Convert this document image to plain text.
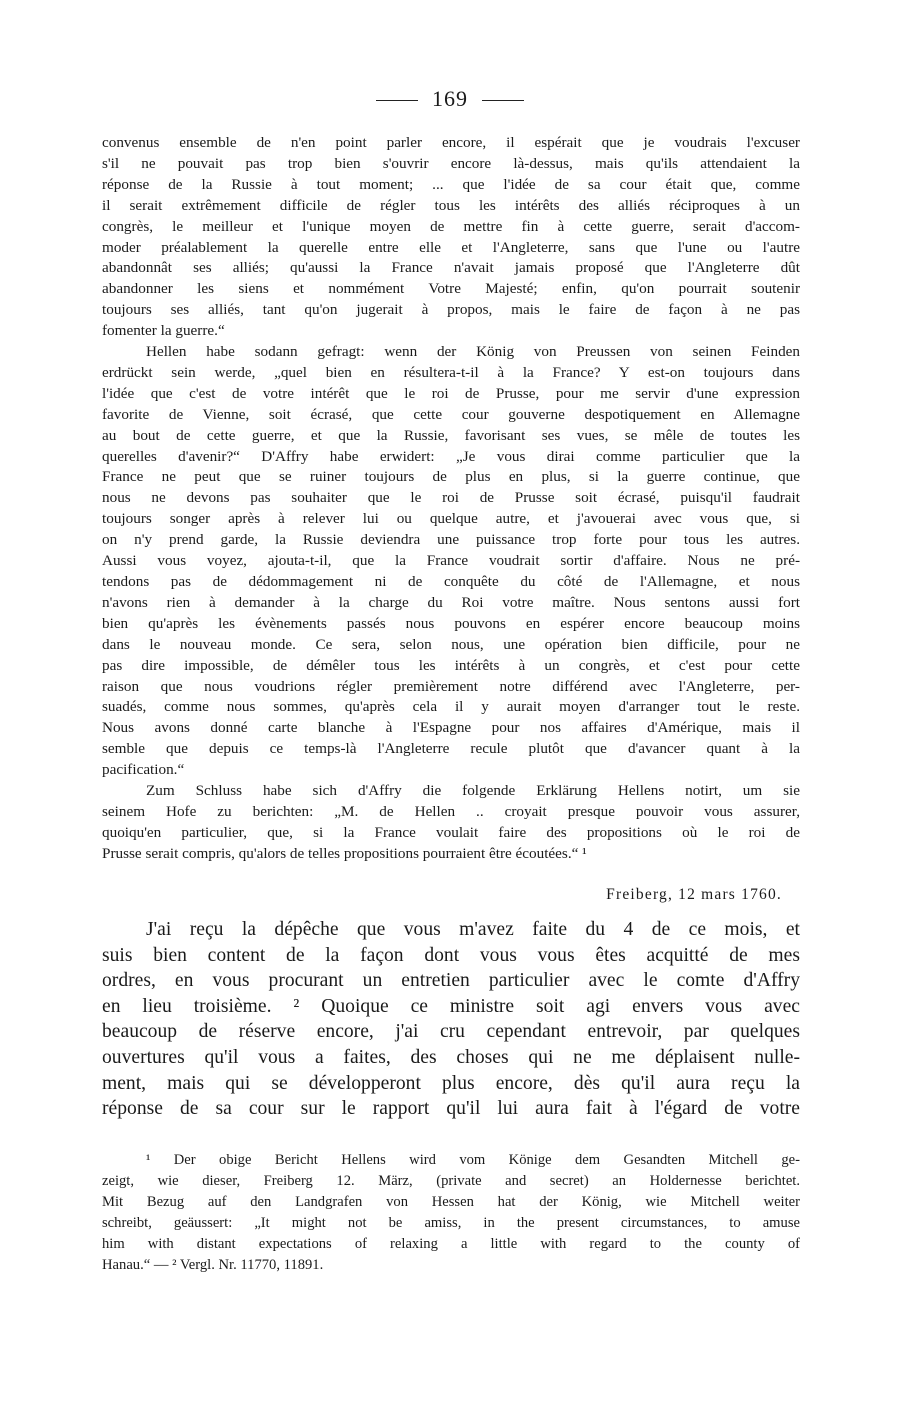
169
convenus ensemble de n'en point parler encore, il espérait que je voudrais l'excuser
s'il ne pouvait pas trop bien s'ouvrir encore là-dessus, mais qu'ils attendaient la
réponse de la Russie à tout moment; ... que l'idée de sa cour était que, comme
il serait extrêmement difficile de régler tous les intérêts des alliés réciproques à un
congrès, le meilleur et l'unique moyen de mettre fin à cette guerre, serait d'accom-
moder préalablement la querelle entre elle et l'Angleterre, sans que l'une ou l'autre
abandonnât ses alliés; qu'aussi la France n'avait jamais proposé que l'Angleterre dût
abandonner les siens et nommément Votre Majesté; enfin, qu'on pourrait soutenir
toujours ses alliés, tant qu'on jugerait à propos, mais le faire de façon à ne pas
fomenter la guerre.“
Hellen habe sodann gefragt: wenn der König von Preussen von seinen Feinden
erdrückt sein werde, „quel bien en résultera-t-il à la France? Y est-on toujours dans
l'idée que c'est de votre intérêt que le roi de Prusse, pour me servir d'une expression
favorite de Vienne, soit écrasé, que cette cour gouverne despotiquement en Allemagne
au bout de cette guerre, et que la Russie, favorisant ses vues, se mêle de toutes les
querelles d'avenir?“ D'Affry habe erwidert: „Je vous dirai comme particulier que la
France ne peut que se ruiner toujours de plus en plus, si la guerre continue, que
nous ne devons pas souhaiter que le roi de Prusse soit écrasé, puisqu'il faudrait
toujours songer après à relever lui ou quelque autre, et j'avouerai avec vous que, si
on n'y prend garde, la Russie deviendra une puissance trop forte pour tous les autres.
Aussi vous voyez, ajouta-t-il, que la France voudrait sortir d'affaire. Nous ne pré-
tendons pas de dédommagement ni de conquête du côté de l'Allemagne, et nous
n'avons rien à demander à la charge du Roi votre maître. Nous sentons aussi fort
bien qu'après les évènements passés nous pouvons en espérer encore beaucoup moins
dans le nouveau monde. Ce sera, selon nous, une opération bien difficile, pour ne
pas dire impossible, de démêler tous les intérêts à un congrès, et c'est pour cette
raison que nous voudrions régler premièrement notre différend avec l'Angleterre, per-
suadés, comme nous sommes, qu'après cela il y aurait moyen d'arranger tout le reste.
Nous avons donné carte blanche à l'Espagne pour nos affaires d'Amérique, mais il
semble que depuis ce temps-là l'Angleterre recule plutôt que d'avancer quant à la
pacification.“
Zum Schluss habe sich d'Affry die folgende Erklärung Hellens notirt, um sie
seinem Hofe zu berichten: „M. de Hellen .. croyait presque pouvoir vous assurer,
quoiqu'en particulier, que, si la France voulait faire des propositions où le roi de
Prusse serait compris, qu'alors de telles propositions pourraient être écoutées.“ ¹
Freiberg, 12 mars 1760.
J'ai reçu la dépêche que vous m'avez faite du 4 de ce mois, et
suis bien content de la façon dont vous vous êtes acquitté de mes
ordres, en vous procurant un entretien particulier avec le comte d'Affry
en lieu troisième. ² Quoique ce ministre soit agi envers vous avec
beaucoup de réserve encore, j'ai cru cependant entrevoir, par quelques
ouvertures qu'il vous a faites, des choses qui ne me déplaisent nulle-
ment, mais qui se développeront plus encore, dès qu'il aura reçu la
réponse de sa cour sur le rapport qu'il lui aura fait à l'égard de votre
¹ Der obige Bericht Hellens wird vom Könige dem Gesandten Mitchell ge-
zeigt, wie dieser, Freiberg 12. März, (private and secret) an Holdernesse berichtet.
Mit Bezug auf den Landgrafen von Hessen hat der König, wie Mitchell weiter
schreibt, geäussert: „It might not be amiss, in the present circumstances, to amuse
him with distant expectations of relaxing a little with regard to the county of
Hanau.“ — ² Vergl. Nr. 11770, 11891.
